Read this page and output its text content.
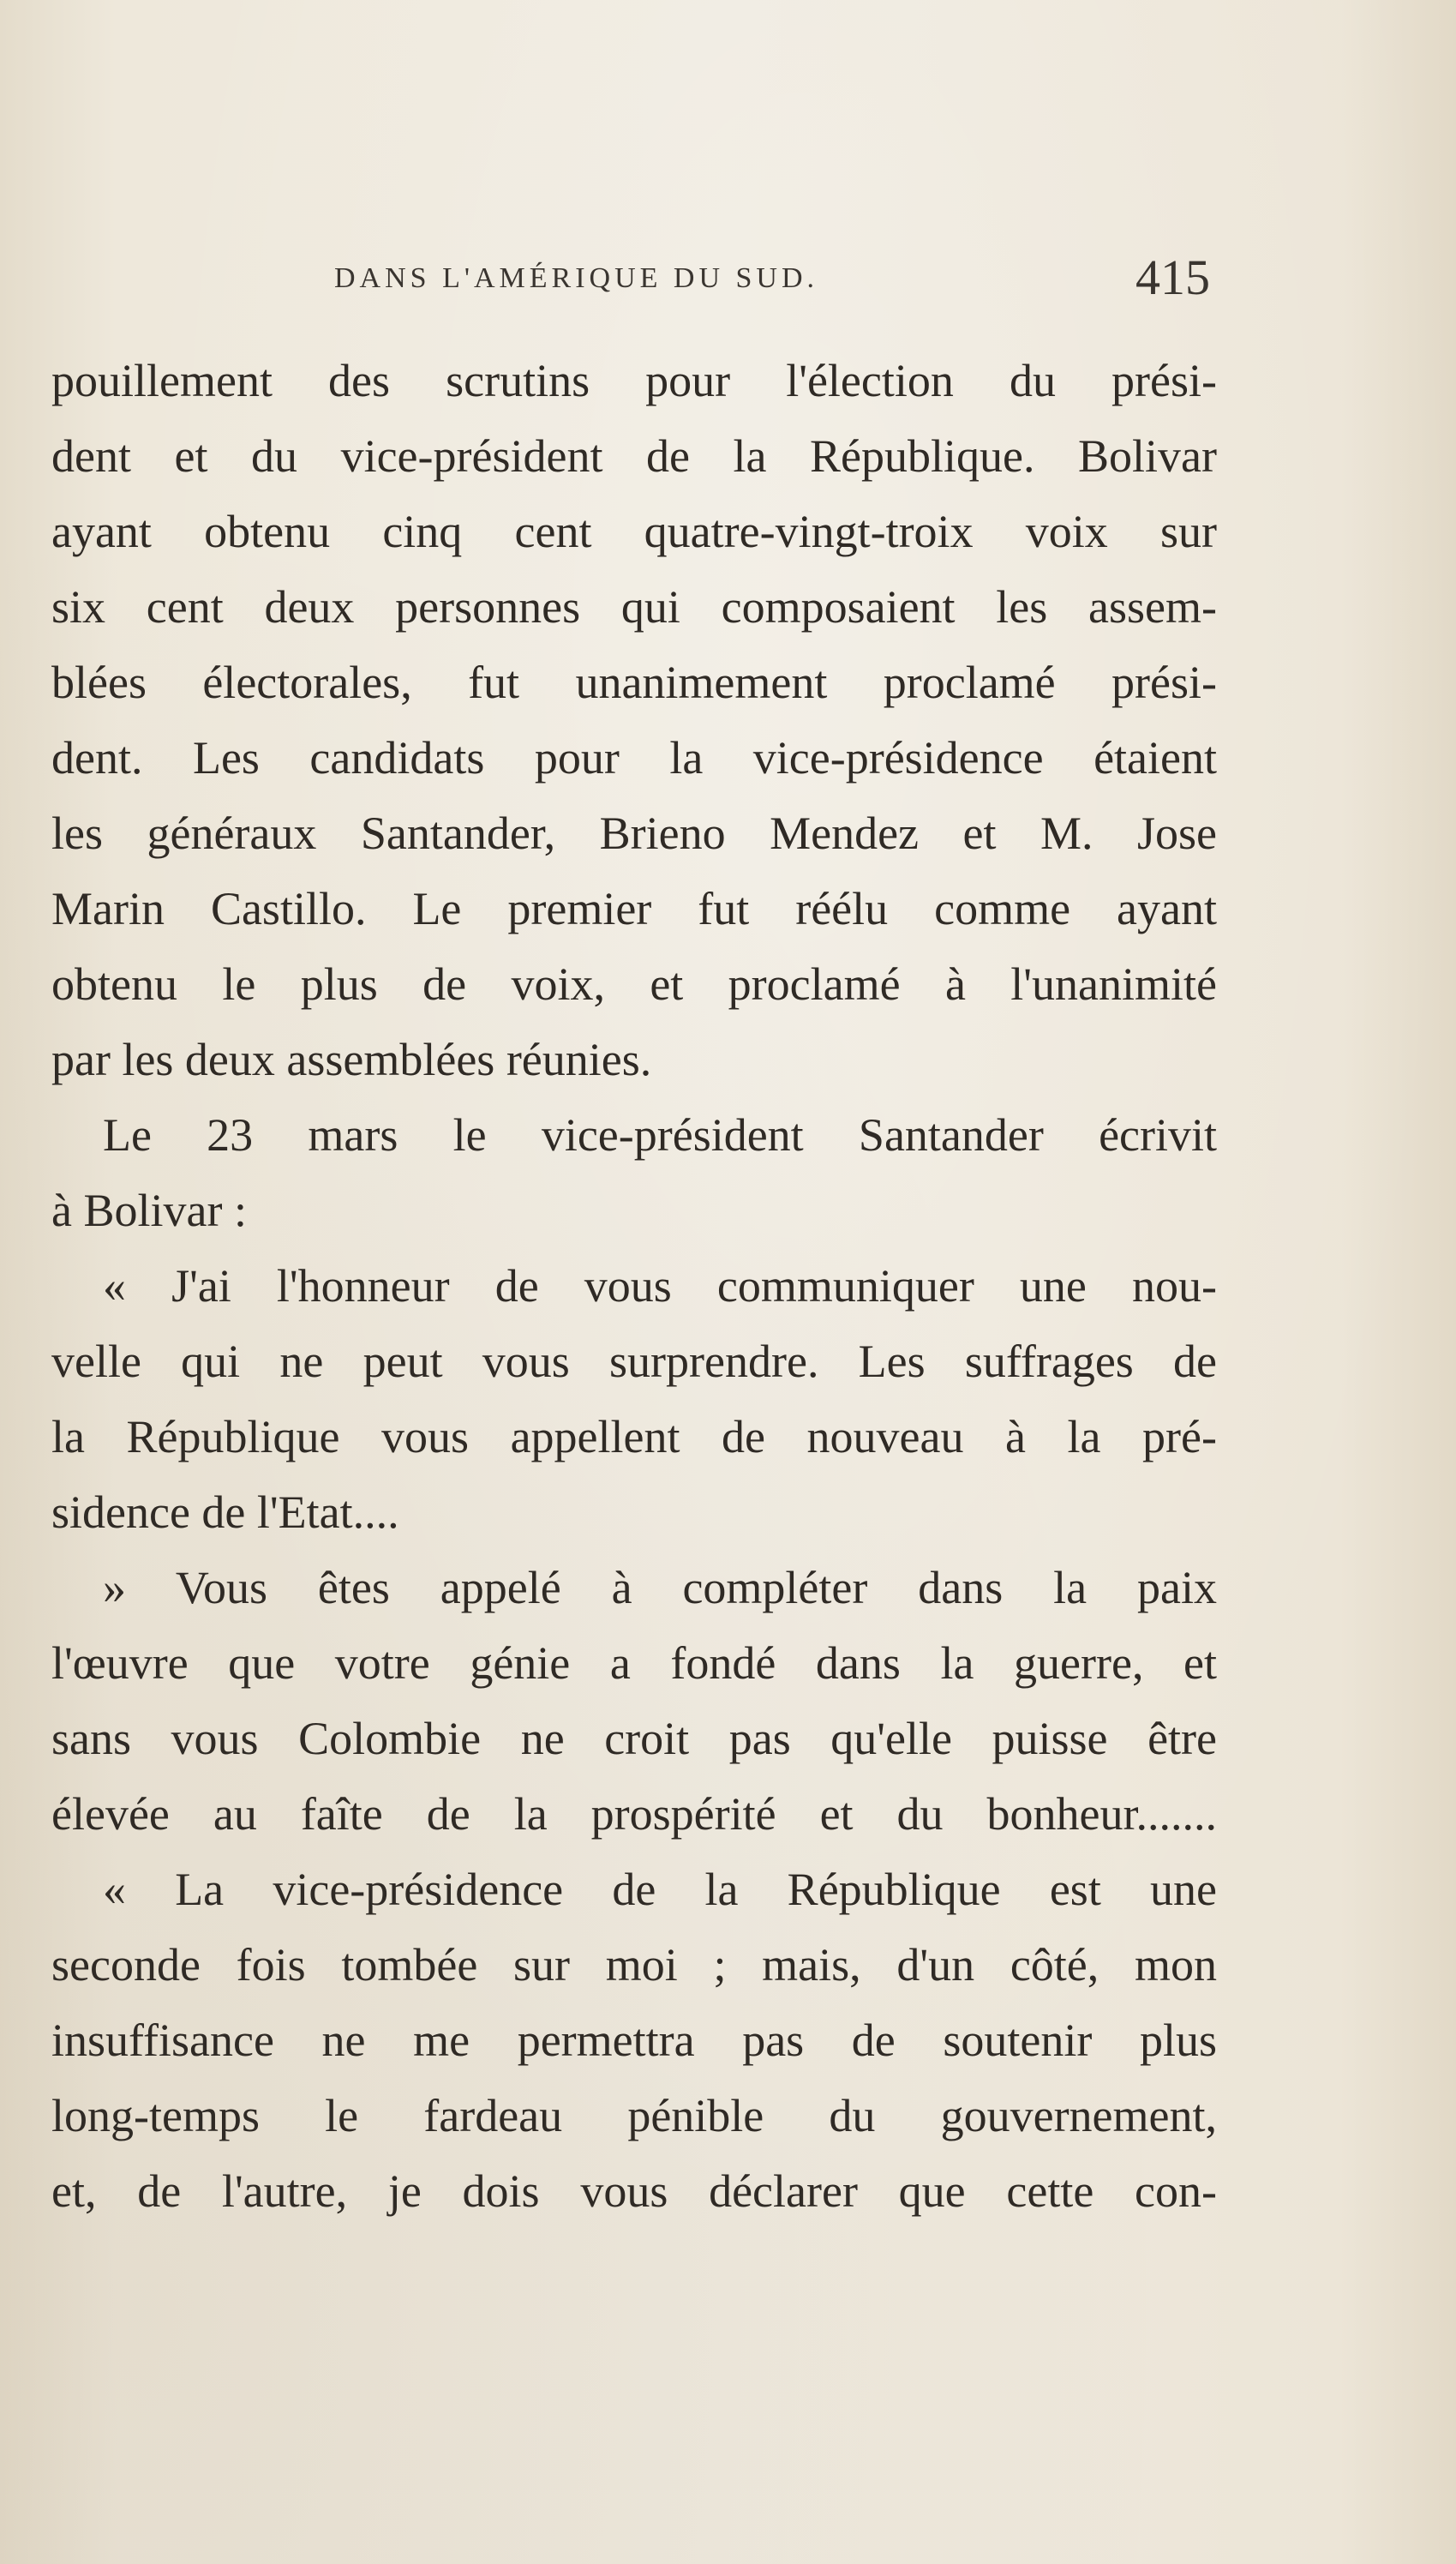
DANS L'AMÉRIQUE DU SUD.	415
pouillement des scrutins pour l'élection du prési-
dent et du vice-président de la République. Bolivar
ayant obtenu cinq cent quatre-vingt-troix voix sur
six cent deux personnes qui composaient les assem-
blées électorales, fut unanimement proclamé prési-
dent. Les candidats pour la vice-présidence étaient
les généraux Santander, Brieno Mendez et M. Jose
Marin Castillo. Le premier fut réélu comme ayant
obtenu le plus de voix, et proclamé à l'unanimité
par les deux assemblées réunies.
Le 23 mars le vice-président Santander écrivit
à Bolivar :
« J'ai l'honneur de vous communiquer une nou-
velle qui ne peut vous surprendre. Les suffrages de
la République vous appellent de nouveau à la pré-
sidence de l'Etat....
» Vous êtes appelé à compléter dans la paix
l'œuvre que votre génie a fondé dans la guerre, et
sans vous Colombie ne croit pas qu'elle puisse être
élevée au faîte de la prospérité et du bonheur.......
« La vice-présidence de la République est une
seconde fois tombée sur moi ; mais, d'un côté, mon
insuffisance ne me permettra pas de soutenir plus
long-temps le fardeau pénible du gouvernement,
et, de l'autre, je dois vous déclarer que cette con-
